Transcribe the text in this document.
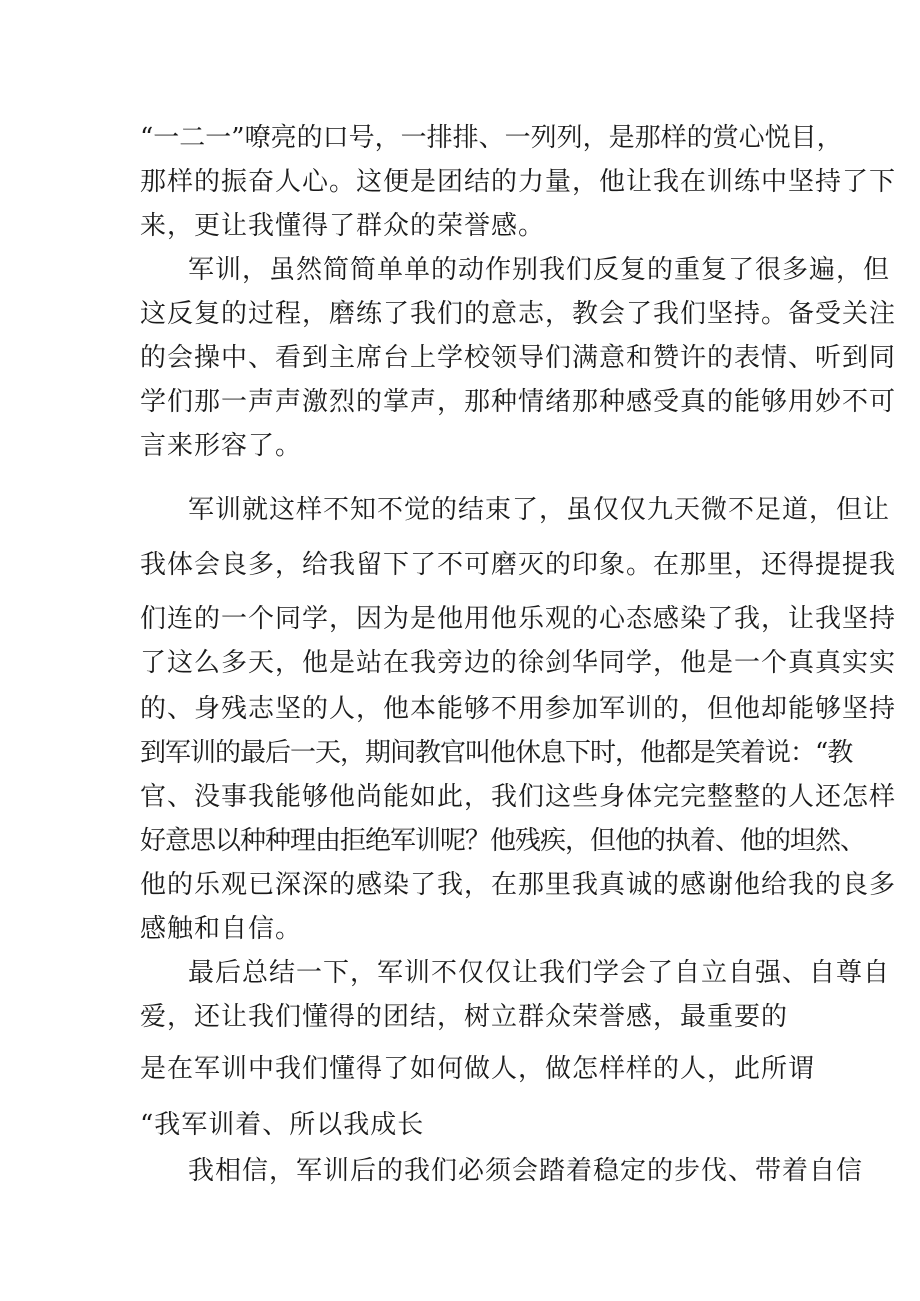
“一二一”嘹亮的口号，一排排、一列列，是那样的赏心悦目，
那样的振奋人心。这便是团结的力量，他让我在训练中坚持了下
来，更让我懂得了群众的荣誉感。
军训，虽然简简单单的动作别我们反复的重复了很多遍，但
这反复的过程，磨练了我们的意志，教会了我们坚持。备受关注
的会操中、看到主席台上学校领导们满意和赞许的表情、听到同
学们那一声声激烈的掌声，那种情绪那种感受真的能够用妙不可
言来形容了。
军训就这样不知不觉的结束了，虽仅仅九天微不足道，但让
我体会良多，给我留下了不可磨灭的印象。在那里，还得提提我
们连的一个同学，因为是他用他乐观的心态感染了我，让我坚持
了这么多天，他是站在我旁边的徐剑华同学，他是一个真真实实
的、身残志坚的人，他本能够不用参加军训的，但他却能够坚持
到军训的最后一天，期间教官叫他休息下时，他都是笑着说：“教
官、没事我能够他尚能如此，我们这些身体完完整整的人还怎样
好意思以种种理由拒绝军训呢？他残疾，但他的执着、他的坦然、
他的乐观已深深的感染了我，在那里我真诚的感谢他给我的良多
感触和自信。
最后总结一下，军训不仅仅让我们学会了自立自强、自尊自
爱，还让我们懂得的团结，树立群众荣誉感，最重要的
是在军训中我们懂得了如何做人，做怎样样的人，此所谓
“我军训着、所以我成长
我相信，军训后的我们必须会踏着稳定的步伐、带着自信
